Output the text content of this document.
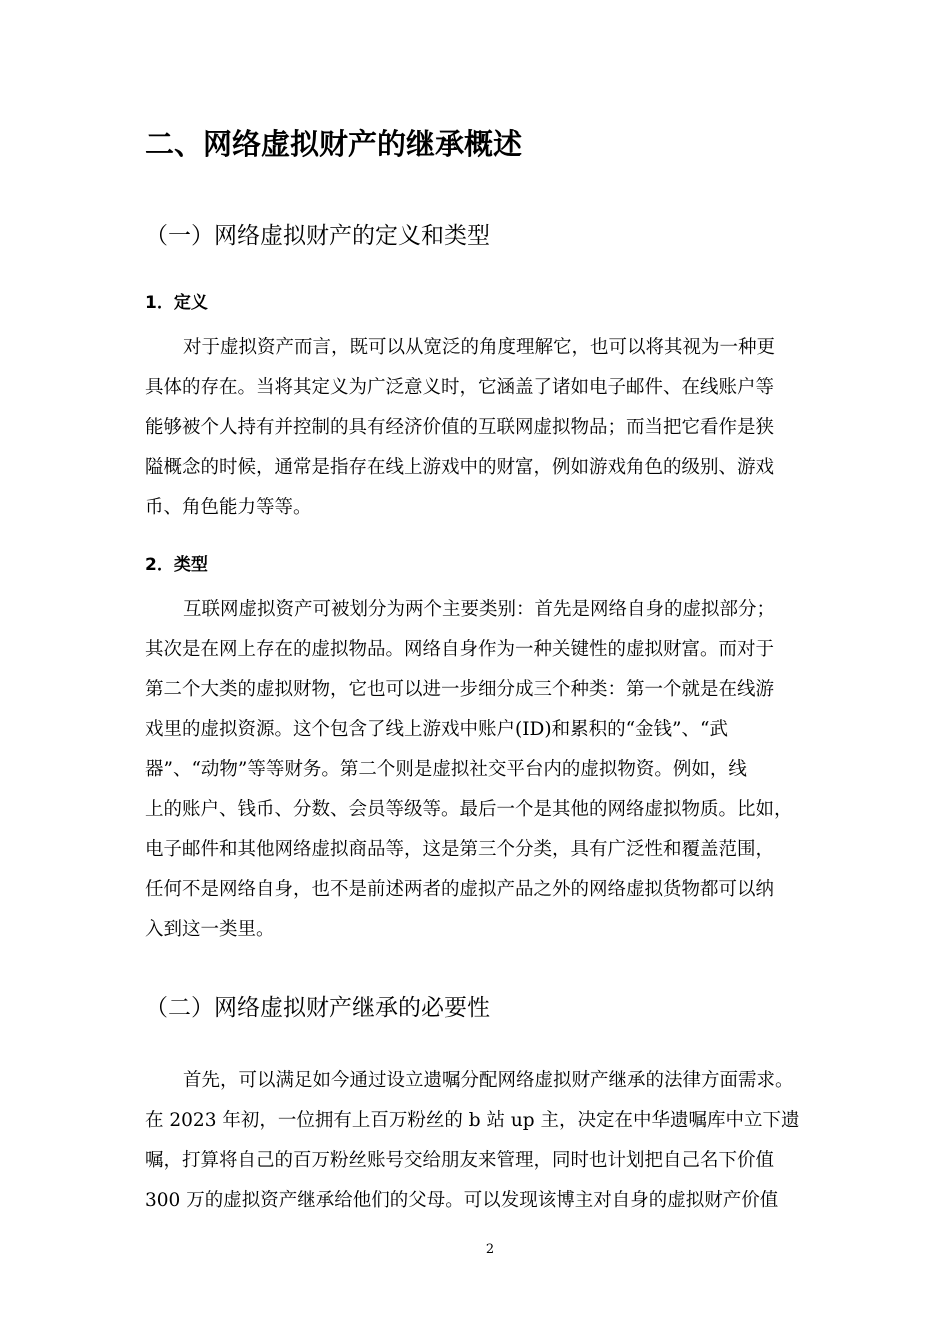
二、网络虚拟财产的继承概述
（一）网络虚拟财产的定义和类型
1．定义
对于虚拟资产而言，既可以从宽泛的角度理解它，也可以将其视为一种更
具体的存在。当将其定义为广泛意义时，它涵盖了诸如电子邮件、在线账户等
能够被个人持有并控制的具有经济价值的互联网虚拟物品；而当把它看作是狭
隘概念的时候，通常是指存在线上游戏中的财富，例如游戏角色的级别、游戏
币、角色能力等等。
2．类型
互联网虚拟资产可被划分为两个主要类别：首先是网络自身的虚拟部分；
其次是在网上存在的虚拟物品。网络自身作为一种关键性的虚拟财富。而对于
第二个大类的虚拟财物，它也可以进一步细分成三个种类：第一个就是在线游
戏里的虚拟资源。这个包含了线上游戏中账户(ID)和累积的“金钱”、“武
器”、“动物”等等财务。第二个则是虚拟社交平台内的虚拟物资。例如，线
上的账户、钱币、分数、会员等级等。最后一个是其他的网络虚拟物质。比如，
电子邮件和其他网络虚拟商品等，这是第三个分类，具有广泛性和覆盖范围，
任何不是网络自身，也不是前述两者的虚拟产品之外的网络虚拟货物都可以纳
入到这一类里。
（二）网络虚拟财产继承的必要性
首先，可以满足如今通过设立遗嘱分配网络虚拟财产继承的法律方面需求。
在 2023 年初，一位拥有上百万粉丝的 b 站 up 主，决定在中华遗嘱库中立下遗
嘱，打算将自己的百万粉丝账号交给朋友来管理，同时也计划把自己名下价值
300 万的虚拟资产继承给他们的父母。可以发现该博主对自身的虚拟财产价值
2
